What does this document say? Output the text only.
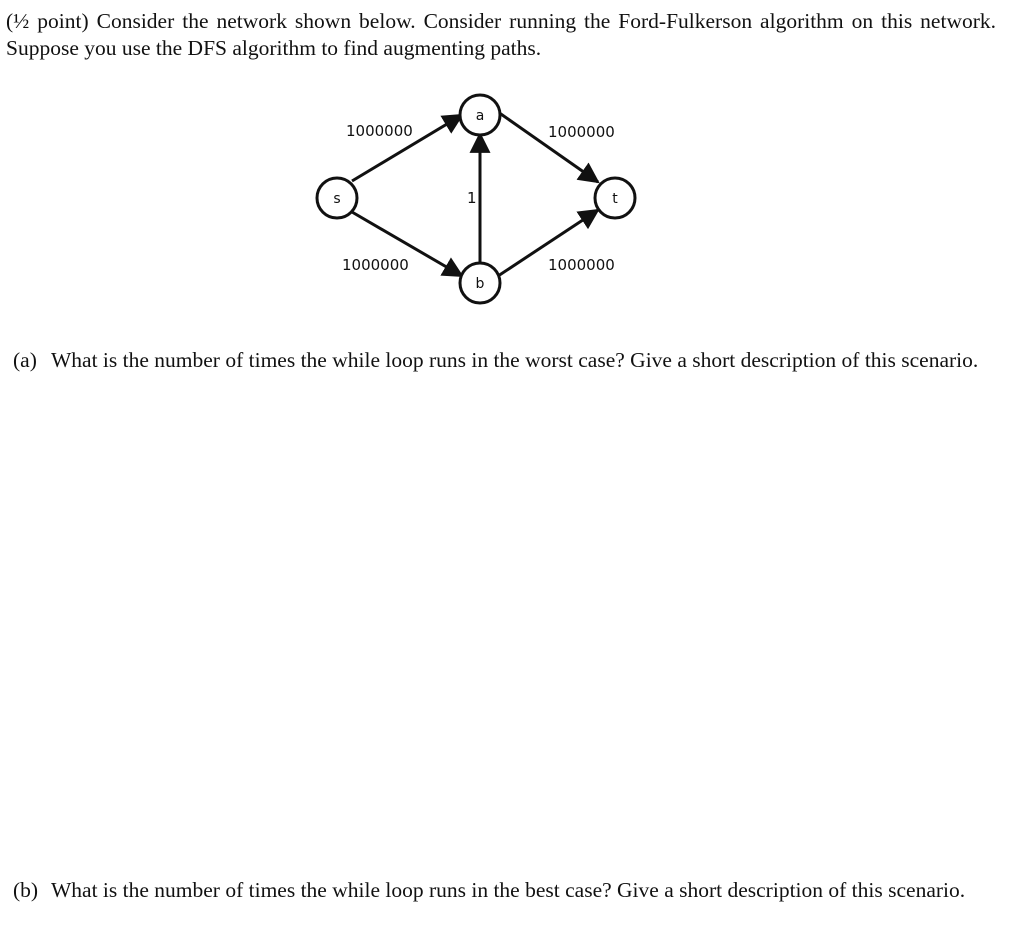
(½ point) Consider the network shown below. Consider running the Ford-Fulkerson algorithm on this network. Suppose you use the DFS algorithm to find augmenting paths.
1000000	1000000
1000000	1000000
1
s
a
b
t
(a) What is the number of times the while loop runs in the worst case? Give a short description of this scenario.
(b) What is the number of times the while loop runs in the best case? Give a short description of this scenario.
